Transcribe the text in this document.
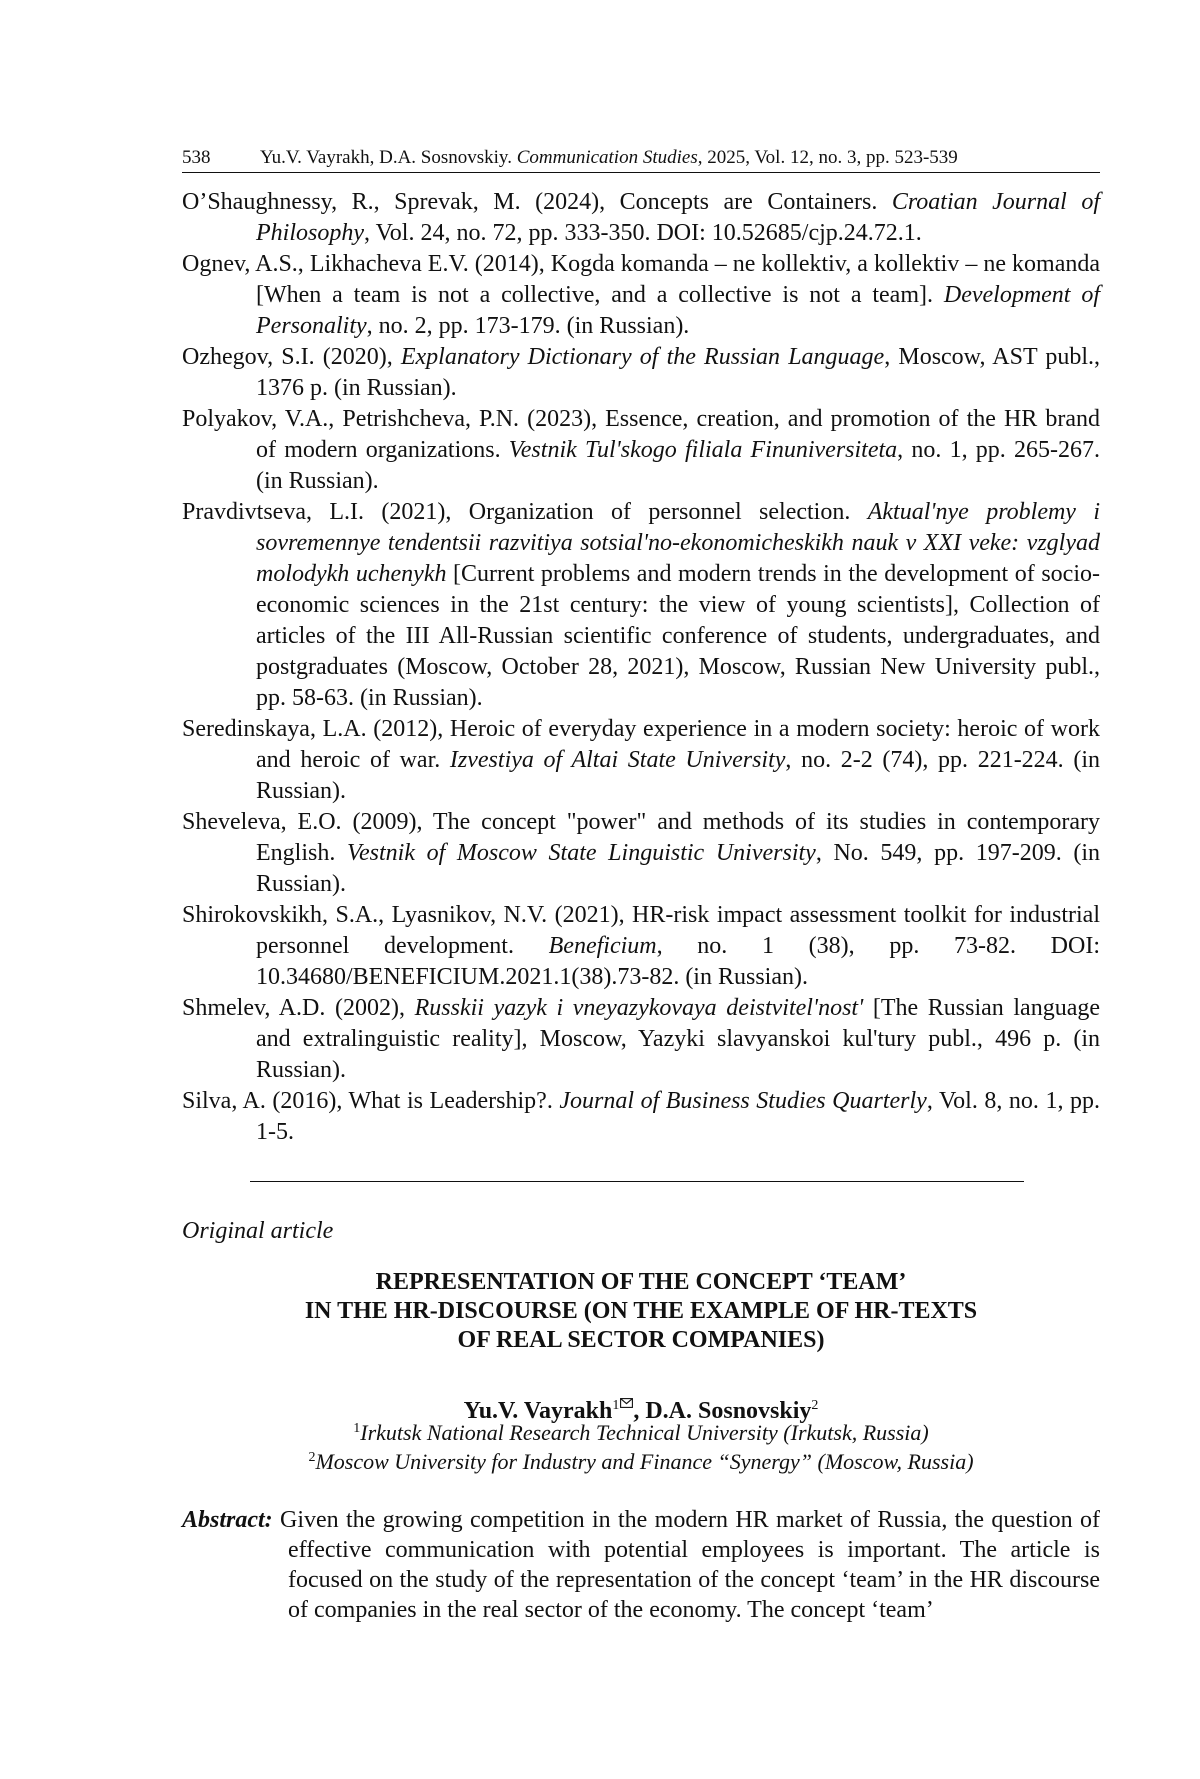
538	Yu.V. Vayrakh, D.A. Sosnovskiy. Communication Studies, 2025, Vol. 12, no. 3, pp. 523-539

O’Shaughnessy, R., Sprevak, M. (2024), Concepts are Containers. Croatian Journal of Philosophy, Vol. 24, no. 72, pp. 333-350. DOI: 10.52685/cjp.24.72.1.

Ognev, A.S., Likhacheva E.V. (2014), Kogda komanda – ne kollektiv, a kollektiv – ne komanda [When a team is not a collective, and a collective is not a team]. Development of Personality, no. 2, pp. 173-179. (in Russian).

Ozhegov, S.I. (2020), Explanatory Dictionary of the Russian Language, Moscow, AST publ., 1376 p. (in Russian).

Polyakov, V.A., Petrishcheva, P.N. (2023), Essence, creation, and promotion of the HR brand of modern organizations. Vestnik Tul'skogo filiala Finuniversiteta, no. 1, pp. 265-267. (in Russian).

Pravdivtseva, L.I. (2021), Organization of personnel selection. Aktual'nye problemy i sovremennye tendentsii razvitiya sotsial'no-ekonomicheskikh nauk v XXI veke: vzglyad molodykh uchenykh [Current problems and modern trends in the development of socio-economic sciences in the 21st century: the view of young scientists], Collection of articles of the III All-Russian scientific conference of students, undergraduates, and postgraduates (Moscow, October 28, 2021), Moscow, Russian New University publ., pp. 58-63. (in Russian).

Seredinskaya, L.A. (2012), Heroic of everyday experience in a modern society: heroic of work and heroic of war. Izvestiya of Altai State University, no. 2-2 (74), pp. 221-224. (in Russian).

Sheveleva, E.O. (2009), The concept "power" and methods of its studies in contemporary English. Vestnik of Moscow State Linguistic University, No. 549, pp. 197-209. (in Russian).

Shirokovskikh, S.A., Lyasnikov, N.V. (2021), HR-risk impact assessment toolkit for industrial personnel development. Beneficium, no. 1 (38), pp. 73-82. DOI: 10.34680/BENEFICIUM.2021.1(38).73-82. (in Russian).

Shmelev, A.D. (2002), Russkii yazyk i vneyazykovaya deistvitel'nost' [The Russian language and extralinguistic reality], Moscow, Yazyki slavyanskoi kul'tury publ., 496 p. (in Russian).

Silva, A. (2016), What is Leadership?. Journal of Business Studies Quarterly, Vol. 8, no. 1, pp. 1-5.

Original article
REPRESENTATION OF THE CONCEPT ‘TEAM’
IN THE HR-DISCOURSE (ON THE EXAMPLE OF HR-TEXTS
OF REAL SECTOR COMPANIES)
Yu.V. Vayrakh$^1$ , D.A. Sosnovskiy$^2$
$^1$Irkutsk National Research Technical University (Irkutsk, Russia)
$^2$Moscow University for Industry and Finance “Synergy” (Moscow, Russia)

Abstract: Given the growing competition in the modern HR market of Russia, the question of effective communication with potential employees is important. The article is focused on the study of the representation of the concept ‘team’ in the HR discourse of companies in the real sector of the economy. The concept ‘team’
